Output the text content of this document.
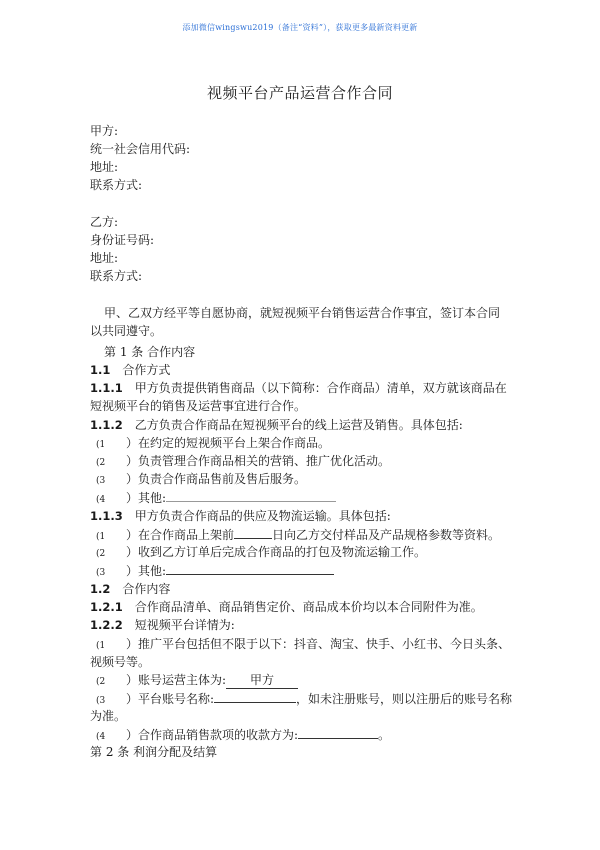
添加微信wingswu2019（备注“资料”），获取更多最新资料更新
视频平台产品运营合作合同
甲方:
统一社会信用代码:
地址:
联系方式:
乙方:
身份证号码:
地址:
联系方式:
甲、乙双方经平等自愿协商，就短视频平台销售运营合作事宜，签订本合同
以共同遵守。
第 1 条 合作内容
1.1 合作方式
1.1.1 甲方负责提供销售商品（以下简称：合作商品）清单，双方就该商品在
短视频平台的销售及运营事宜进行合作。
1.1.2 乙方负责合作商品在短视频平台的线上运营及销售。具体包括:
(1 ）在约定的短视频平台上架合作商品。
(2 ）负责管理合作商品相关的营销、推广优化活动。
(3 ）负责合作商品售前及售后服务。
(4 ）其他:
1.1.3 甲方负责合作商品的供应及物流运输。具体包括:
(1 ）在合作商品上架前	日向乙方交付样品及产品规格参数等资料。
(2 ）收到乙方订单后完成合作商品的打包及物流运输工作。
(3 ）其他:
1.2 合作内容
1.2.1 合作商品清单、商品销售定价、商品成本价均以本合同附件为准。
1.2.2 短视频平台详情为:
(1 ）推广平台包括但不限于以下：抖音、淘宝、快手、小红书、今日头条、
视频号等。
(2 ）账号运营主体为: 甲方
(3 ）平台账号名称:	，如未注册账号，则以注册后的账号名称
为准。
(4 ）合作商品销售款项的收款方为:	。
第 2 条 利润分配及结算
